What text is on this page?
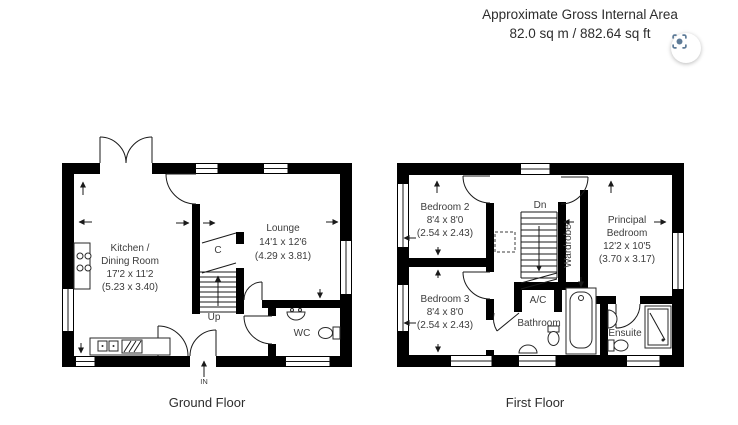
Approximate Gross Internal Area
82.0 sq m / 882.64 sq ft
Kitchen /
Dining Room
17'2 x 11'2
(5.23 x 3.40)
Lounge
14'1 x 12'6
(4.29 x 3.81)
C
Up
WC
IN
Ground Floor
Bedroom 2
8'4 x 8'0
(2.54 x 2.43)
Bedroom 3
8'4 x 8'0
(2.54 x 2.43)
Principal
Bedroom
12'2 x 10'5
(3.70 x 3.17)
Dn
Wardrobe
A/C
Bathroom
Ensuite
First Floor
